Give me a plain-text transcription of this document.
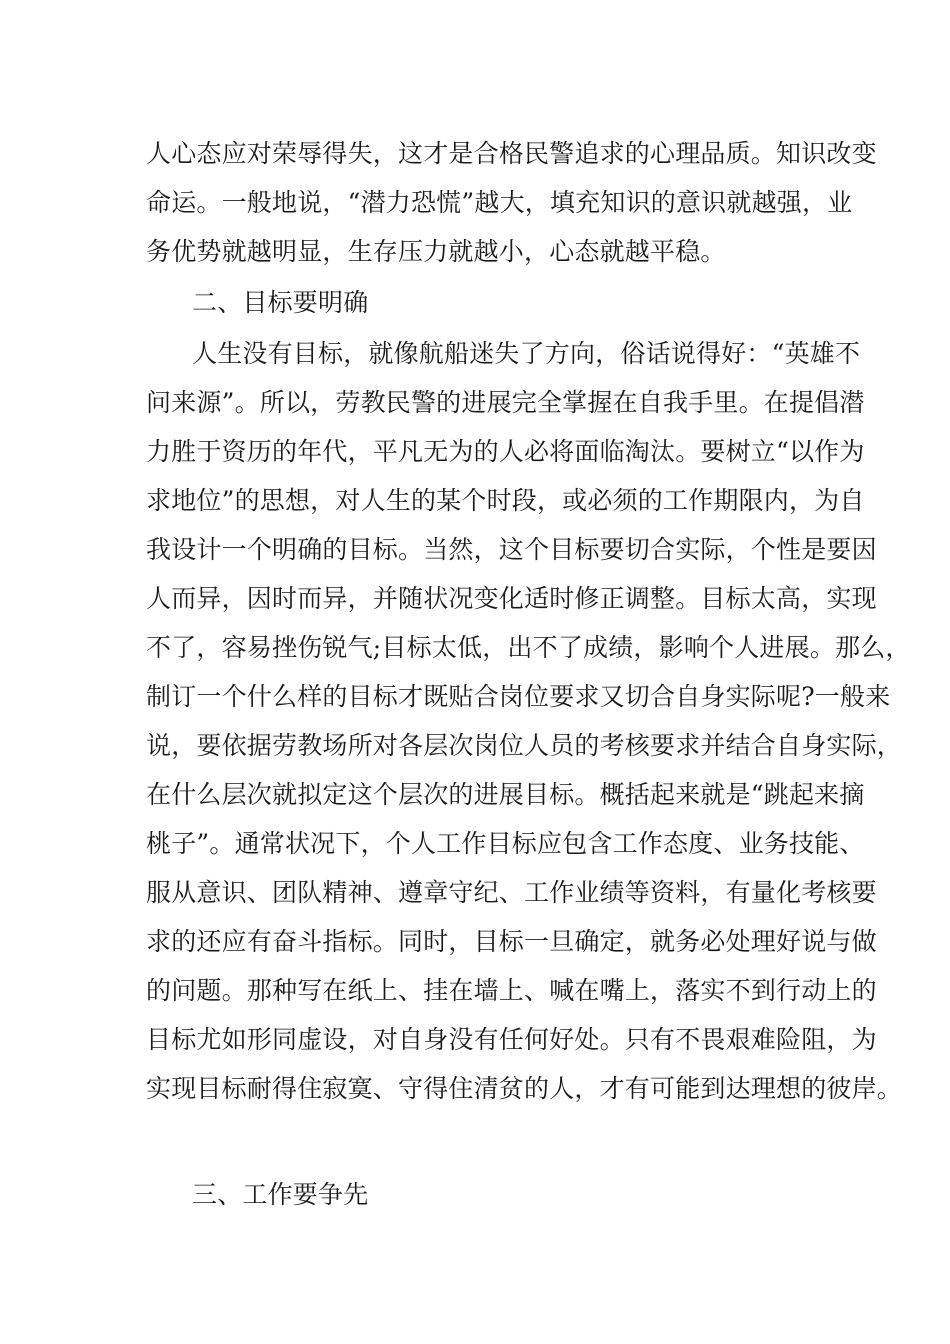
人心态应对荣辱得失，这才是合格民警追求的心理品质。知识改变
命运。一般地说，“潜力恐慌”越大，填充知识的意识就越强，业
务优势就越明显，生存压力就越小，心态就越平稳。
二、目标要明确
人生没有目标，就像航船迷失了方向，俗话说得好：“英雄不
问来源”。所以，劳教民警的进展完全掌握在自我手里。在提倡潜
力胜于资历的年代，平凡无为的人必将面临淘汰。要树立“以作为
求地位”的思想，对人生的某个时段，或必须的工作期限内，为自
我设计一个明确的目标。当然，这个目标要切合实际，个性是要因
人而异，因时而异，并随状况变化适时修正调整。目标太高，实现
不了，容易挫伤锐气;目标太低，出不了成绩，影响个人进展。那么，
制订一个什么样的目标才既贴合岗位要求又切合自身实际呢?一般来
说，要依据劳教场所对各层次岗位人员的考核要求并结合自身实际，
在什么层次就拟定这个层次的进展目标。概括起来就是“跳起来摘
桃子”。通常状况下，个人工作目标应包含工作态度、业务技能、
服从意识、团队精神、遵章守纪、工作业绩等资料，有量化考核要
求的还应有奋斗指标。同时，目标一旦确定，就务必处理好说与做
的问题。那种写在纸上、挂在墙上、喊在嘴上，落实不到行动上的
目标尤如形同虚设，对自身没有任何好处。只有不畏艰难险阻，为
实现目标耐得住寂寞、守得住清贫的人，才有可能到达理想的彼岸。
三、工作要争先
